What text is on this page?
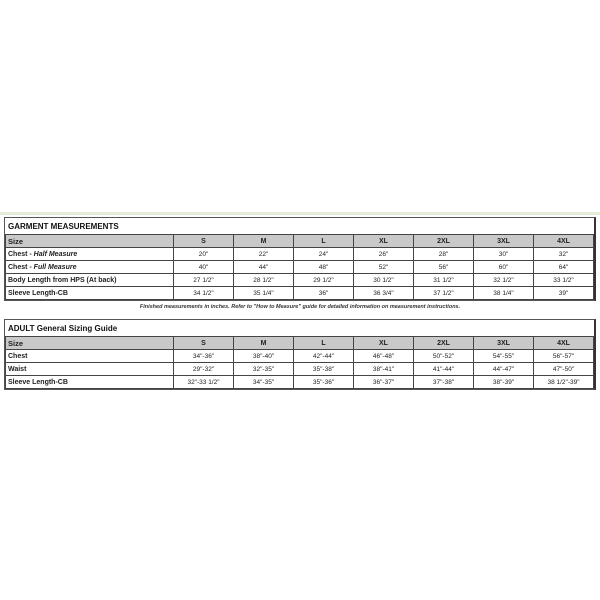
GARMENT MEASUREMENTS
Size	S	M	L	XL	2XL	3XL	4XL
Chest - Half Measure	20"	22"	24"	26"	28"	30"	32"
Chest - Full Measure	40"	44"	48"	52"	56"	60"	64"
Body Length from HPS (At back)	27 1/2"	28 1/2"	29 1/2"	30 1/2"	31 1/2"	32 1/2"	33 1/2"
Sleeve Length-CB	34 1/2"	35 1/4"	36"	36 3/4"	37 1/2"	38 1/4"	39"
Finished measurements in inches. Refer to "How to Measure" guide for detailed information on measurement instructions.
ADULT General Sizing Guide
Size	S	M	L	XL	2XL	3XL	4XL
Chest	34"-36"	38"-40"	42"-44"	46"-48"	50"-52"	54"-55"	56"-57"
Waist	29"-32"	32"-35"	35"-38"	38"-41"	41"-44"	44"-47"	47"-50"
Sleeve Length-CB	32"-33 1/2"	34"-35"	35"-36"	36"-37"	37"-38"	38"-39"	38 1/2"-39"
